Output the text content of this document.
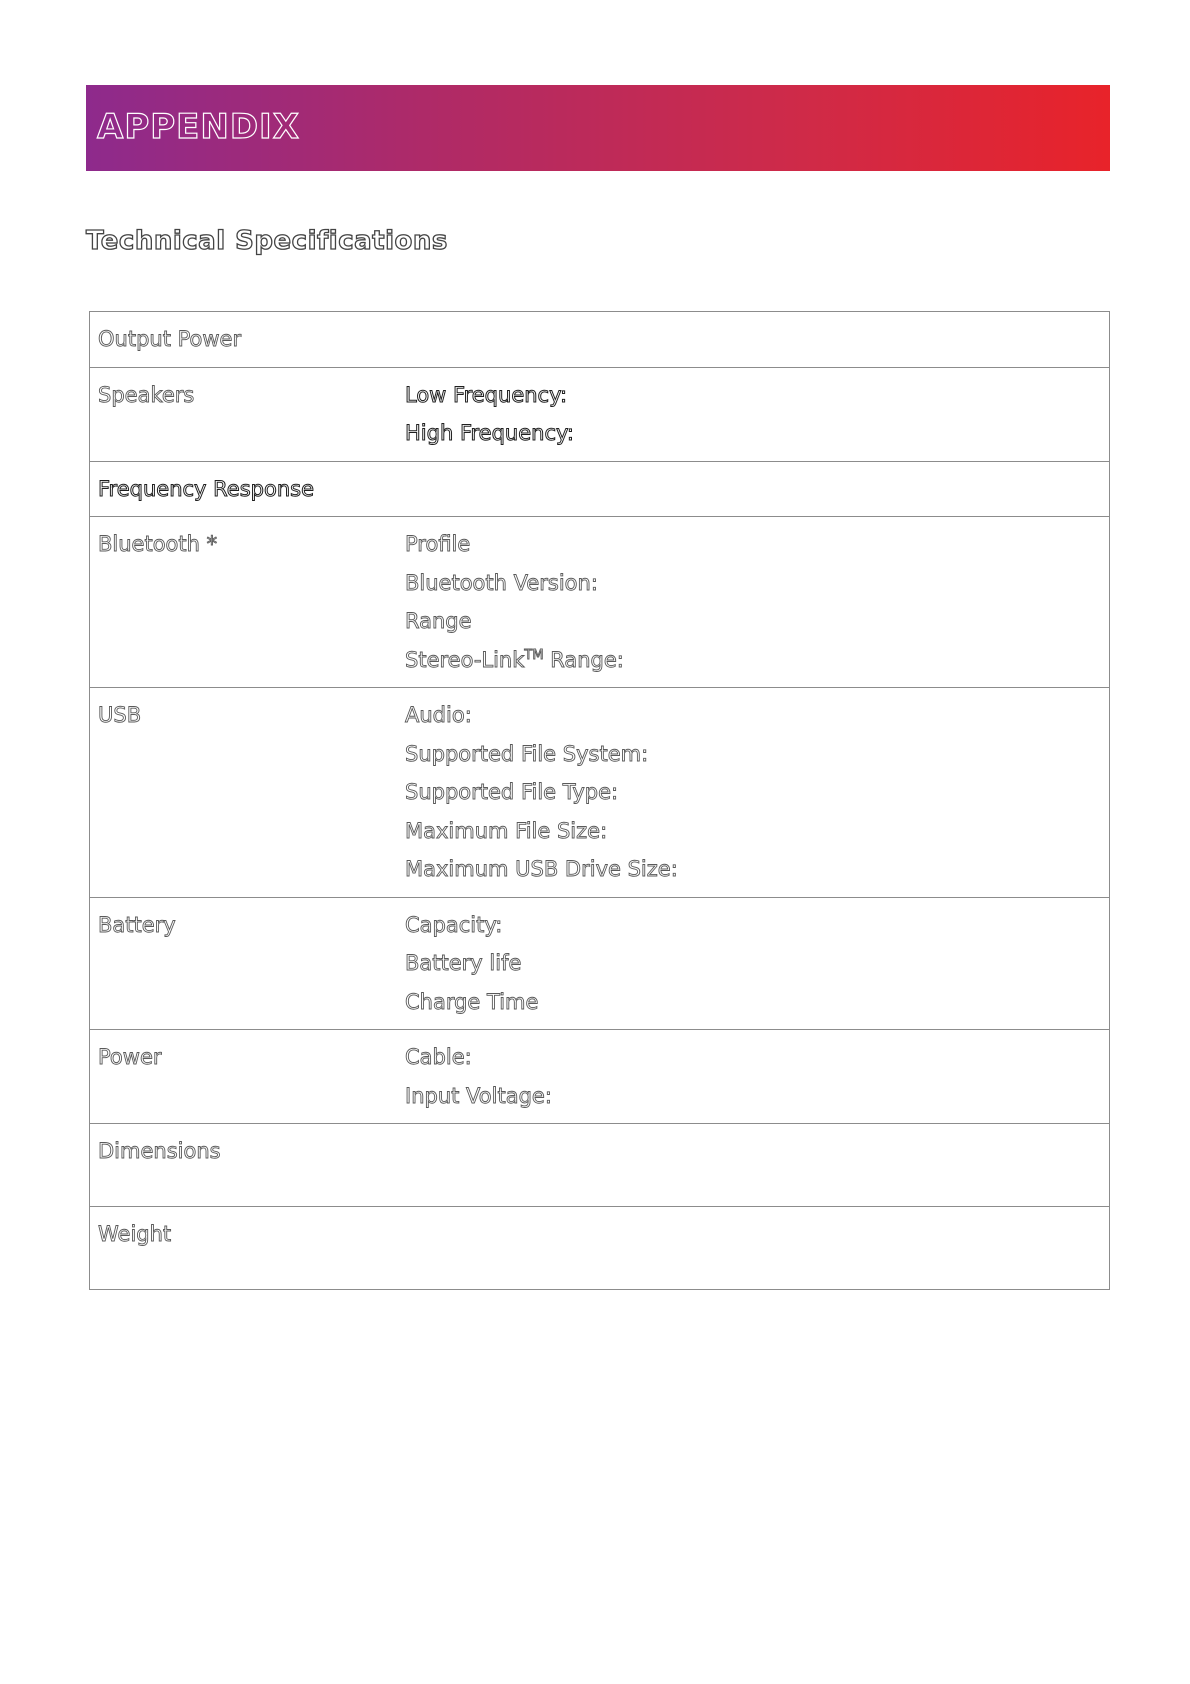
APPENDIX
Technical Specifications
Output Power	
Speakers	Low Frequency:
High Frequency:

Frequency Response	
Bluetooth *	Profile
Bluetooth Version:
Range
Stereo-Link™ Range:

USB	Audio:
Supported File System:
Supported File Type:
Maximum File Size:
Maximum USB Drive Size:

Battery	Capacity:
Battery life
Charge Time

Power	Cable:
Input Voltage:

Dimensions	
Weight	
